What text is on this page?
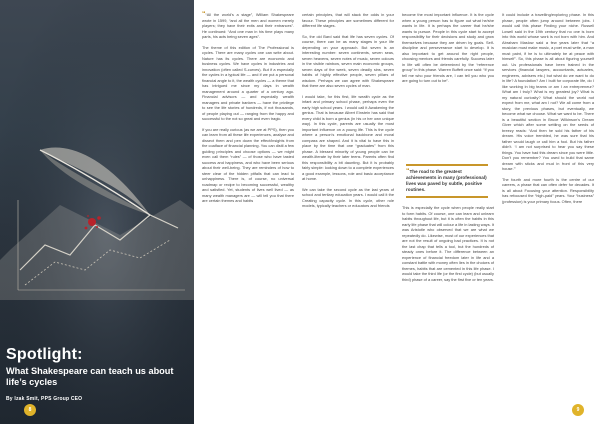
Spotlight:
What Shakespeare can teach us about life’s cycles
By Izak Smit, PPS Group CEO
8

““All the world’s a stage”, William Shakespeare wrote in 1599, “and all the men and women merely players; they have their exits and their entrances”. He continued: “And one man in his time plays many parts, his acts being seven ages”.

The theme of this edition of The Professional is cycles. There are many cycles one can write about. Nature has its cycles. There are economic and business cycles. We have cycles in industries and innovation (often called S-curves). But if a especially the cycles in a typical life — and if we put a personal financial angle to it, the wealth cycles — a theme that has intrigued me since my days in wealth management around a quarter of a century ago. Financial advisors — and especially wealth managers and private bankers — have the privilege to see the life stories of hundreds, if not thousands, of people playing out — ranging from the happy and successful to the not so great and even tragic.

If you are really curious (as we are at PPS), then you can learn from all these life experiences, analyse and dissect them and pen down the effect/insights from the coalface of financial planning. You can distil a few guiding principles and choose options — we might even call them “rules” — of those who have tasted success and happiness, and who have been serious about their well-being. They are reminders of how to steer clear of the hidden pitfalls that can lead to unhappiness. There is, of course, no universal roadmap or recipe to becoming successful, wealthy and satisfied. Yet, students of lives well lived — as many wealth managers are — will tell you that there are certain themes and habits

certain principles, that will stack the odds in your favour. These principles are sometimes different for different life stages.

So, the old Bard said that life has seven cycles. Of course, there can be as many stages in your life depending on your approach. But seven is an interesting number: seven continents, seven seas, seven heavens, seven notes of music, seven colours in the visible rainbow, seven main economic groups, seven days of the week, seven deadly sins, seven habits of highly effective people, seven pillars of wisdom. Perhaps we can agree with Shakespeare that there are also seven cycles of man.

I would take, for this first, life wealth cycle as the infant and primary school phase, perhaps even the early high school years. I would call it Awakening the genius. That is because Albert Einstein has said that every child is born a genius (in his or her own unique way). In this cycle, parents are usually the most important influence on a young life. This is the cycle where a person’s emotional backbone and moral compass are shaped. And it is vital to have this in place by the time that one “graduates” from this phase. A blessed minority of young people can be wealth-literate by their later teens. Parents often find this responsibility a bit daunting. But it is probably fairly simple: looking down to a complete experiences a good example, lessons, role and basic acceptance at home.

We can take the second cycle as the last years of school and tertiary education years. I would call it the Creating capacity cycle. In this cycle, other role models, typically teachers or educators and friends

become the most important influence. It is the cycle when a young person has to figure out what he/she wants in life. It is perhaps the career that he/she wants to pursue. People in this cycle start to accept responsibility for their decisions and study and grow themselves because they are driven by goals. Self-discipline and perseverance start to develop. It is also important to get around the right people, choosing mentors and friends carefully. Success later in life will often be determined by the “reference group” in this phase. Warren Buffett once said: “If you tell me who your friends are, I can tell you who you are going to turn out to be”.

“The road to the greatest achievements in many (professional) lives was paved by subtle, positive routines.

This is especially the cycle when people really start to form habits. Of course, one can learn and unlearn habits throughout life, but it is often the habits in this early life phase that will colour a life in lasting ways. It was Aristotle who observed that we are what we repeatedly do. Likewise, most of our experiences that are not the result of ongoing bad practices. It is not the last chap that tells a tool, but the hundreds of steady ones before it. The difference between an experience of financial freedom later in life and a constant battle with money often lies in the choices of themes, habits that are cemented in this life phase. I would take the third life (or the first cycle) (but usually third) phase of a career, say the first five or ten years.

It could include a travelling/exploring phase. In this phase, people often jump around between jobs. I would call this phase Finding your niche. Russell Lowell said in the 19th century that no one is born into this world whose work is not born with him. And Abraham Maslow said a few years later that “a musician must make music, a poet must write, a man must paint, if he is to ultimately be at peace with himself”. So, this phase is all about figuring yourself out. Us professionals have been trained in the services (financial lawyers, accountants, actuaries, engineers, advisers etc.) but what do we want to do in life? A foundation? Am I built for corporate life, do I like working in big teams or am I an entrepreneur? What am I truly? What is my greatest joy? What is my natural curiosity? What should the world not expect from me, what am I not? We all come from a story, the previous phases, but eventually, we become what we choose. What we want to be. There is a beautiful section in Bruce Wilkinson’s Dream Giver which after some settling on the seeds of breezy reads: “And then he sold his father of his dream. His voice trembled, he was sure that his father would laugh or call him a fool. But his father didn’t. ‘I am not surprised to hear you say these things. You have had this dream since you were little. Don’t you remember? You used to build that same dream with sticks and mud in front of this very house.’”

The fourth and more fourth is the centre of our careers, a phase that can often defer for decades. It is all about Focusing your attention. Responsibility has refocused the “high-paid” years. Your “business” (profession) is your primary focus. Often, there

9
